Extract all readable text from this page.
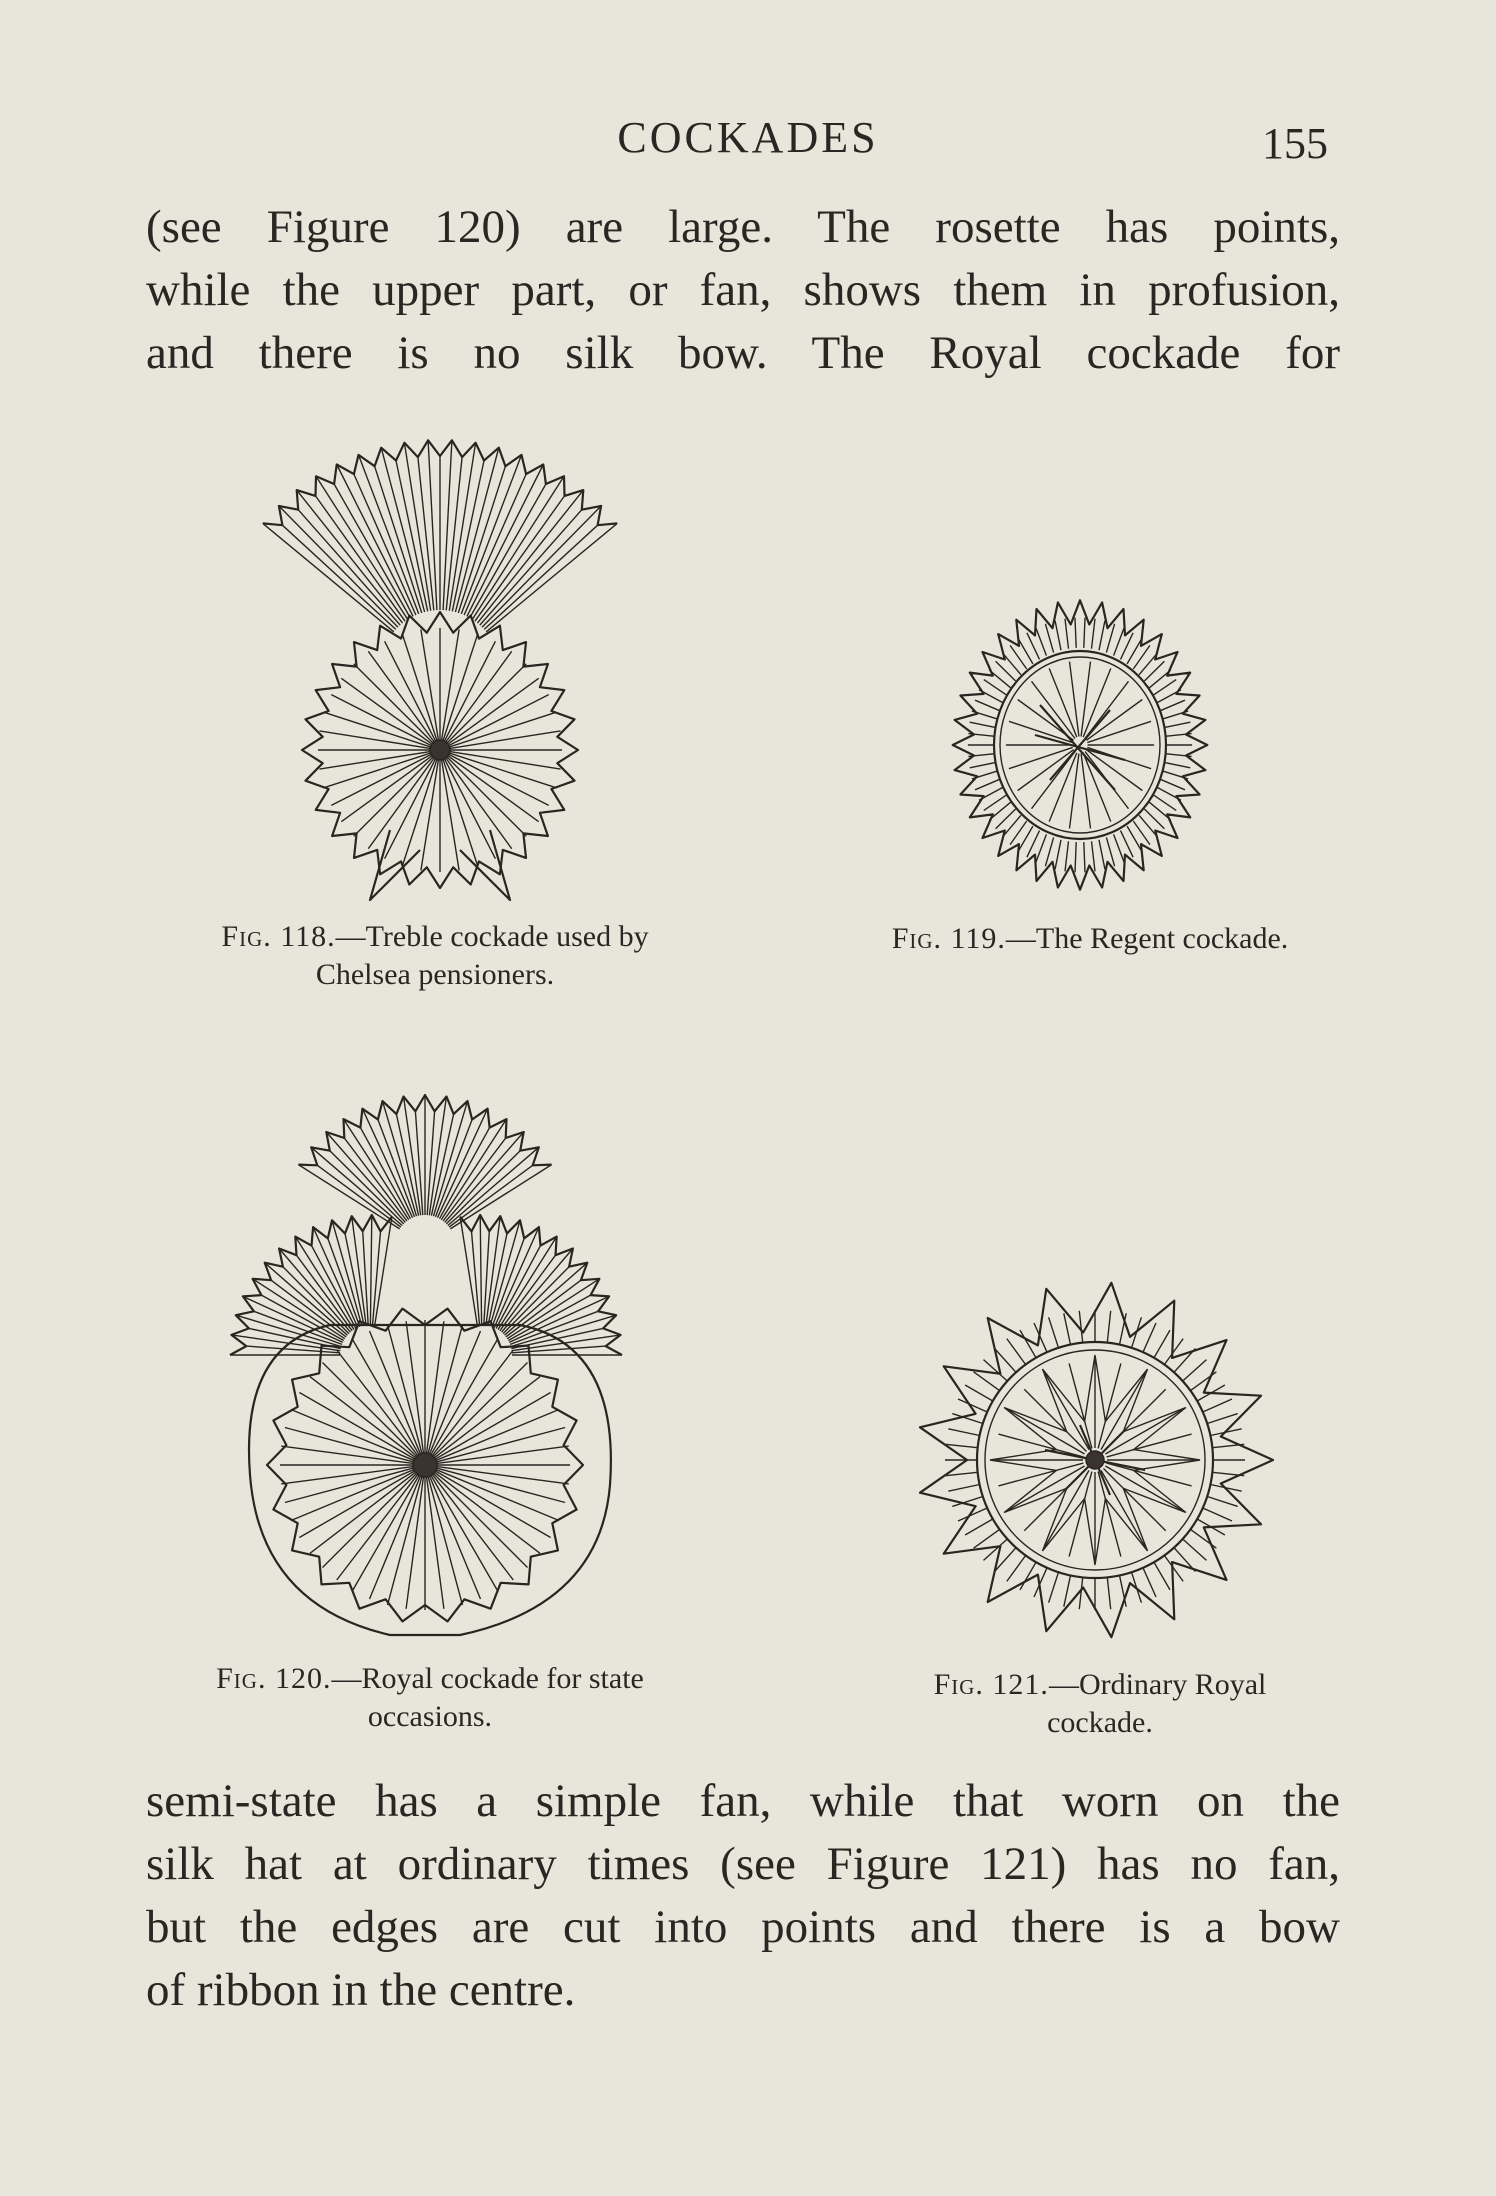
COCKADES	155
(see Figure 120) are large. The rosette has points,
while the upper part, or fan, shows them in profusion,
and there is no silk bow. The Royal cockade for
Fig. 118.—Treble cockade used by
Chelsea pensioners.
Fig. 119.—The Regent cockade.
Fig. 120.—Royal cockade for state
occasions.
Fig. 121.—Ordinary Royal
cockade.
semi-state has a simple fan, while that worn on the
silk hat at ordinary times (see Figure 121) has no fan,
but the edges are cut into points and there is a bow
of ribbon in the centre.
